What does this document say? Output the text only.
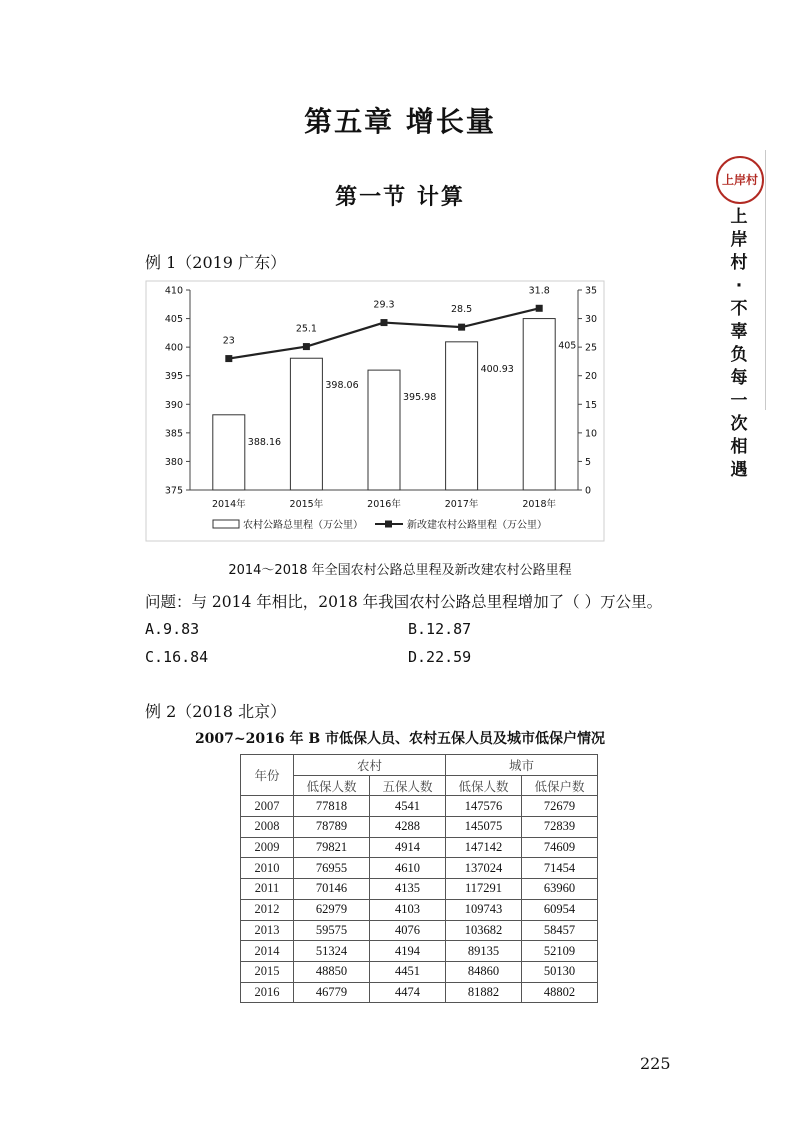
第五章 增长量
第一节 计算
上岸村
上
岸
村
·
不
辜
负
每
一
次
相
遇
例 1（2019 广东）
375
380
385
390
395
400
405
410
0
5
10
15
20
25
30
35
2014年	2015年	2016年	2017年	2018年
388.16
398.06
395.98
400.93
405
23
25.1
29.3	28.5
31.8
农村公路总里程（万公里）	新改建农村公路里程（万公里）
2014～2018 年全国农村公路总里程及新改建农村公路里程
问题：与 2014 年相比，2018 年我国农村公路总里程增加了（ ）万公里。
A.9.83	B.12.87
C.16.84	D.22.59
例 2（2018 北京）
2007~2016 年 B 市低保人员、农村五保人员及城市低保户情况
年份	农村		城市	
	低保人数	五保人数	低保人数	低保户数
2007	77818	4541	147576	72679
2008	78789	4288	145075	72839
2009	79821	4914	147142	74609
2010	76955	4610	137024	71454
2011	70146	4135	117291	63960
2012	62979	4103	109743	60954
2013	59575	4076	103682	58457
2014	51324	4194	89135	52109
2015	48850	4451	84860	50130
2016	46779	4474	81882	48802
225
